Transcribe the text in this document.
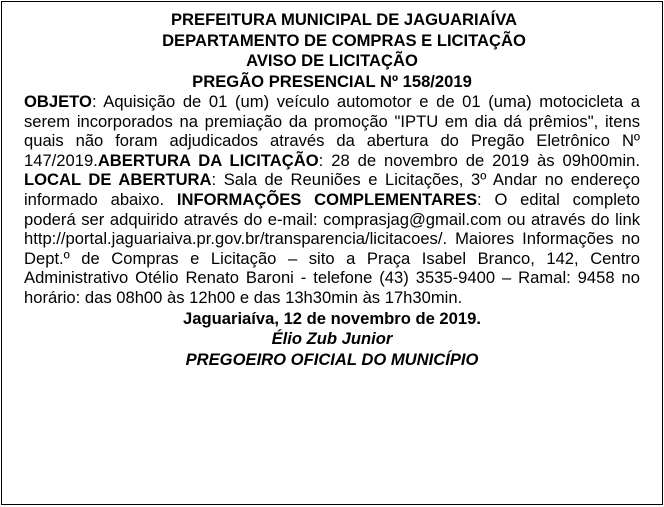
PREFEITURA MUNICIPAL DE JAGUARIAÍVA
DEPARTAMENTO DE COMPRAS E LICITAÇÃO
AVISO DE LICITAÇÃO
PREGÃO PRESENCIAL Nº 158/2019
OBJETO: Aquisição de 01 (um) veículo automotor e de 01 (uma) motocicleta a serem incorporados na premiação da promoção "IPTU em dia dá prêmios", itens quais não foram adjudicados através da abertura do Pregão Eletrônico Nº 147/2019.ABERTURA DA LICITAÇÃO: 28 de novembro de 2019 às 09h00min. LOCAL DE ABERTURA: Sala de Reuniões e Licitações, 3º Andar no endereço informado abaixo. INFORMAÇÕES COMPLEMENTARES: O edital completo poderá ser adquirido através do e-mail: comprasjag@gmail.com ou através do link http://portal.jaguariaiva.pr.gov.br/transparencia/licitacoes/. Maiores Informações no Dept.º de Compras e Licitação – sito a Praça Isabel Branco, 142, Centro Administrativo Otélio Renato Baroni - telefone (43) 3535-9400 – Ramal: 9458 no horário: das 08h00 às 12h00 e das 13h30min às 17h30min.
Jaguariaíva, 12 de novembro de 2019.
Élio Zub Junior
PREGOEIRO OFICIAL DO MUNICÍPIO
